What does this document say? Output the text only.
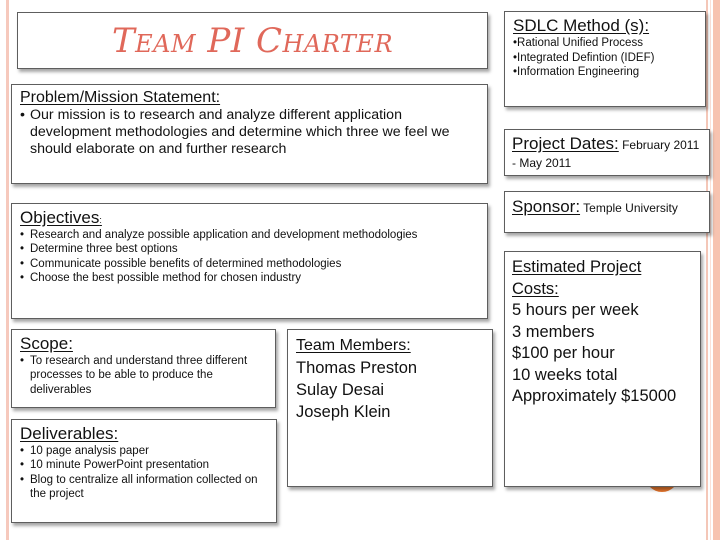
Team PI Charter	SDLC Method (s):
•Rational Unified Process
•Integrated Defintion (IDEF)
•Information Engineering
Problem/Mission Statement:
• Our mission is to research and analyze different application development methodologies and determine which three we feel we should elaborate on and further research	Project Dates: February 2011 - May 2011
Sponsor: Temple University
Objectives:
• Research and analyze possible application and development methodologies
• Determine three best options
• Communicate possible benefits of determined methodologies
• Choose the best possible method for chosen industry
Estimated Project
Costs:
5 hours per week
3 members
$100 per hour
10 weeks total
Approximately $15000
Scope:
• To research and understand three different processes to be able to produce the deliverables
Deliverables:
• 10 page analysis paper
• 10 minute PowerPoint presentation
• Blog to centralize all information collected on the project
Team Members:
Thomas Preston
Sulay Desai
Joseph Klein
